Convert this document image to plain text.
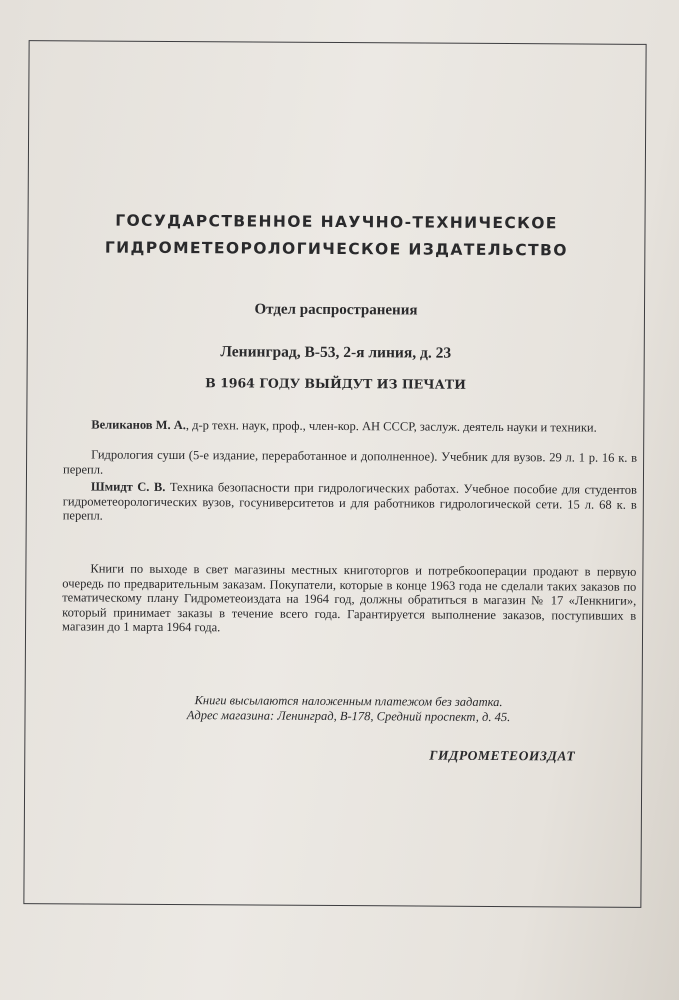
ГОСУДАРСТВЕННОЕ НАУЧНО-ТЕХНИЧЕСКОЕ
ГИДРОМЕТЕОРОЛОГИЧЕСКОЕ ИЗДАТЕЛЬСТВО
Отдел распространения
Ленинград, В-53, 2-я линия, д. 23
В 1964 ГОДУ ВЫЙДУТ ИЗ ПЕЧАТИ
Великанов М. А., д-р техн. наук, проф., член-кор. АН СССР, заслуж. деятель науки и техники.
Гидрология суши (5-е издание, переработанное и дополненное). Учебник для вузов. 29 л. 1 р. 16 к. в перепл.
Шмидт С. В. Техника безопасности при гидрологических работах. Учебное пособие для студентов гидрометеорологических вузов, госуниверситетов и для работников гидрологической сети. 15 л. 68 к. в перепл.
Книги по выходе в свет магазины местных книготоргов и потребкооперации продают в первую очередь по предварительным заказам. Покупатели, которые в конце 1963 года не сделали таких заказов по тематическому плану Гидрометеоиздата на 1964 год, должны обратиться в магазин № 17 «Ленкниги», который принимает заказы в течение всего года. Гарантируется выполнение заказов, поступивших в магазин до 1 марта 1964 года.
Книги высылаются наложенным платежом без задатка.
Адрес магазина: Ленинград, В-178, Средний проспект, д. 45.
ГИДРОМЕТЕОИЗДАТ
